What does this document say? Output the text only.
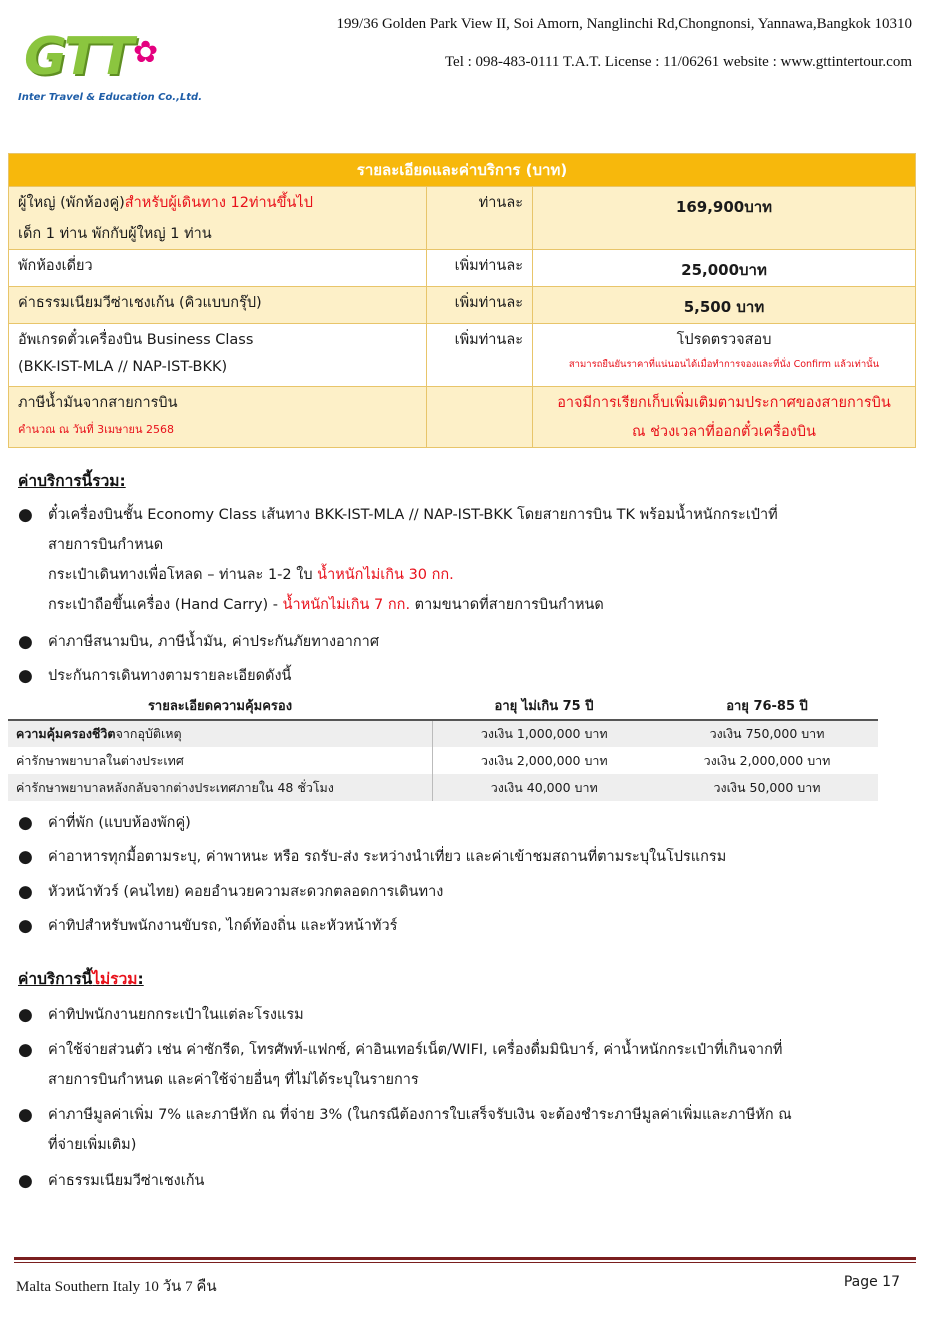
GTT ✿
Inter Travel & Education Co.,Ltd.
199/36 Golden Park View II, Soi Amorn, Nanglinchi Rd,Chongnonsi, Yannawa,Bangkok 10310
Tel : 098-483-0111 T.A.T. License : 11/06261 website : www.gttintertour.com
รายละเอียดและค่าบริการ (บาท)		
ผู้ใหญ่ (พักห้องคู่)สำหรับผู้เดินทาง 12ท่านขึ้นไป
เด็ก 1 ท่าน พักกับผู้ใหญ่ 1 ท่าน	ท่านละ	169,900บาท

พักห้องเดี่ยว	เพิ่มท่านละ	25,000บาท

ค่าธรรมเนียมวีซ่าเชงเก้น (คิวแบบกรุ๊ป)	เพิ่มท่านละ	5,500 บาท

อัพเกรดตั๋วเครื่องบิน Business Class
(BKK-IST-MLA // NAP-IST-BKK)	เพิ่มท่านละ	โปรดตรวจสอบ
สามารถยืนยันราคาที่แน่นอนได้เมื่อทำการจองและที่นั่ง Confirm แล้วเท่านั้น

ภาษีน้ำมันจากสายการบิน
คำนวณ ณ วันที่ 3เมษายน 2568		อาจมีการเรียกเก็บเพิ่มเติมตามประกาศของสายการบิน
ณ ช่วงเวลาที่ออกตั๋วเครื่องบิน
ค่าบริการนี้รวม:
● ตั๋วเครื่องบินชั้น Economy Class เส้นทาง BKK-IST-MLA // NAP-IST-BKK โดยสายการบิน TK พร้อมน้ำหนักกระเป๋าที่
สายการบินกำหนด
กระเป๋าเดินทางเพื่อโหลด – ท่านละ 1-2 ใบ น้ำหนักไม่เกิน 30 กก.
กระเป๋าถือขึ้นเครื่อง (Hand Carry) - น้ำหนักไม่เกิน 7 กก. ตามขนาดที่สายการบินกำหนด
● ค่าภาษีสนามบิน, ภาษีน้ำมัน, ค่าประกันภัยทางอากาศ
● ประกันการเดินทางตามรายละเอียดดังนี้
รายละเอียดความคุ้มครอง	อายุ ไม่เกิน 75 ปี	อายุ 76-85 ปี
ความคุ้มครองชีวิตจากอุบัติเหตุ	วงเงิน 1,000,000 บาท	วงเงิน 750,000 บาท
ค่ารักษาพยาบาลในต่างประเทศ	วงเงิน 2,000,000 บาท	วงเงิน 2,000,000 บาท
ค่ารักษาพยาบาลหลังกลับจากต่างประเทศภายใน 48 ชั่วโมง	วงเงิน 40,000 บาท	วงเงิน 50,000 บาท
● ค่าที่พัก (แบบห้องพักคู่)
● ค่าอาหารทุกมื้อตามระบุ, ค่าพาหนะ หรือ รถรับ-ส่ง ระหว่างนำเที่ยว และค่าเข้าชมสถานที่ตามระบุในโปรแกรม
● หัวหน้าทัวร์ (คนไทย) คอยอำนวยความสะดวกตลอดการเดินทาง
● ค่าทิปสำหรับพนักงานขับรถ, ไกด์ท้องถิ่น และหัวหน้าทัวร์
ค่าบริการนี้ไม่รวม:
● ค่าทิปพนักงานยกกระเป๋าในแต่ละโรงแรม
● ค่าใช้จ่ายส่วนตัว เช่น ค่าซักรีด, โทรศัพท์-แฟกซ์, ค่าอินเทอร์เน็ต/WIFI, เครื่องดื่มมินิบาร์, ค่าน้ำหนักกระเป๋าที่เกินจากที่
สายการบินกำหนด และค่าใช้จ่ายอื่นๆ ที่ไม่ได้ระบุในรายการ
● ค่าภาษีมูลค่าเพิ่ม 7% และภาษีหัก ณ ที่จ่าย 3% (ในกรณีต้องการใบเสร็จรับเงิน จะต้องชำระภาษีมูลค่าเพิ่มและภาษีหัก ณ
ที่จ่ายเพิ่มเติม)
● ค่าธรรมเนียมวีซ่าเชงเก้น
Malta Southern Italy 10 วัน 7 คืน	Page 17
